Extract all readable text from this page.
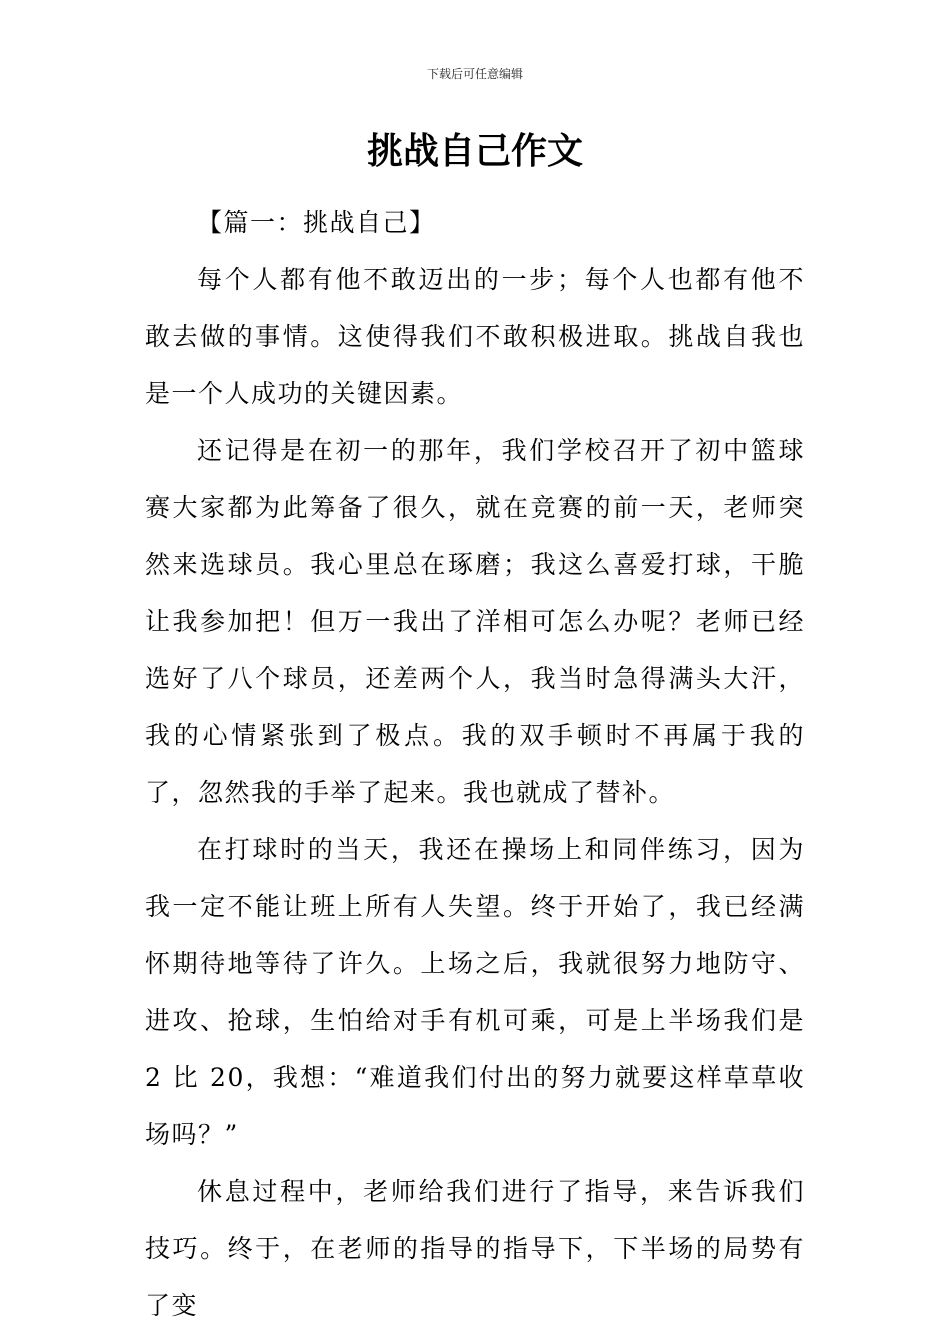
下载后可任意编辑
挑战自己作文

【篇一：挑战自己】

每个人都有他不敢迈出的一步；每个人也都有他不敢去做的事情。这使得我们不敢积极进取。挑战自我也是一个人成功的关键因素。

还记得是在初一的那年，我们学校召开了初中篮球赛大家都为此筹备了很久，就在竞赛的前一天，老师突然来选球员。我心里总在琢磨；我这么喜爱打球，干脆让我参加把！但万一我出了洋相可怎么办呢？老师已经选好了八个球员，还差两个人，我当时急得满头大汗，我的心情紧张到了极点。我的双手顿时不再属于我的了，忽然我的手举了起来。我也就成了替补。

在打球时的当天，我还在操场上和同伴练习，因为我一定不能让班上所有人失望。终于开始了，我已经满怀期待地等待了许久。上场之后，我就很努力地防守、进攻、抢球，生怕给对手有机可乘，可是上半场我们是 2 比 20，我想：“难道我们付出的努力就要这样草草收场吗？”

休息过程中，老师给我们进行了指导，来告诉我们技巧。终于，在老师的指导的指导下，下半场的局势有了变
